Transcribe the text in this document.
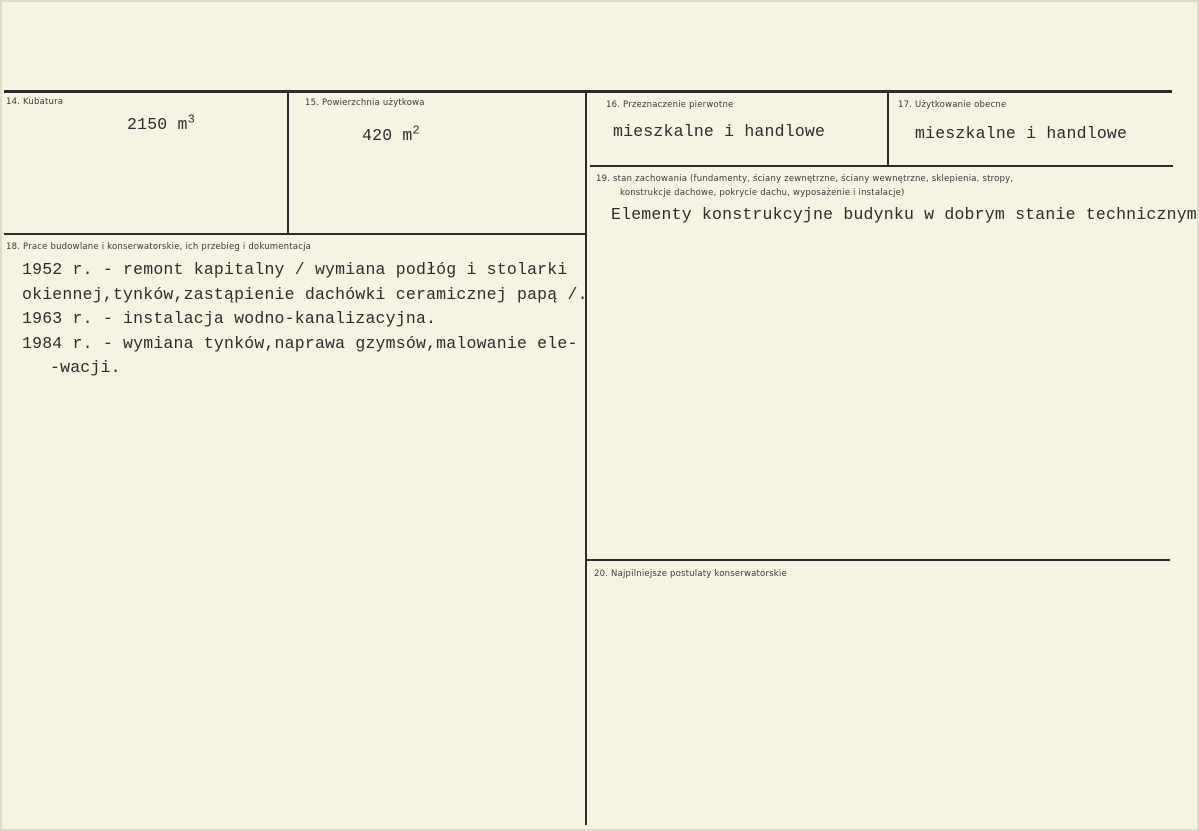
14. Kubatura
2150 $m^3$
15. Powierzchnia użytkowa
420 $m^2$
16. Przeznaczenie pierwotne
mieszkalne i handlowe
17. Użytkowanie obecne
mieszkalne i handlowe
18. Prace budowlane i konserwatorskie, ich przebieg i dokumentacja
1952 r. - remont kapitalny / wymiana podłóg i stolarki
okiennej,tynków,zastąpienie dachówki ceramicznej papą /.
1963 r. - instalacja wodno-kanalizacyjna.
1984 r. - wymiana tynków,naprawa gzymsów,malowanie ele-
-wacji.
19. stan zachowania (fundamenty, ściany zewnętrzne, ściany wewnętrzne, sklepienia, stropy,
konstrukcje dachowe, pokrycie dachu, wyposażenie i instalacje)
Elementy konstrukcyjne budynku w dobrym stanie technicznym
20. Najpilniejsze postulaty konserwatorskie
